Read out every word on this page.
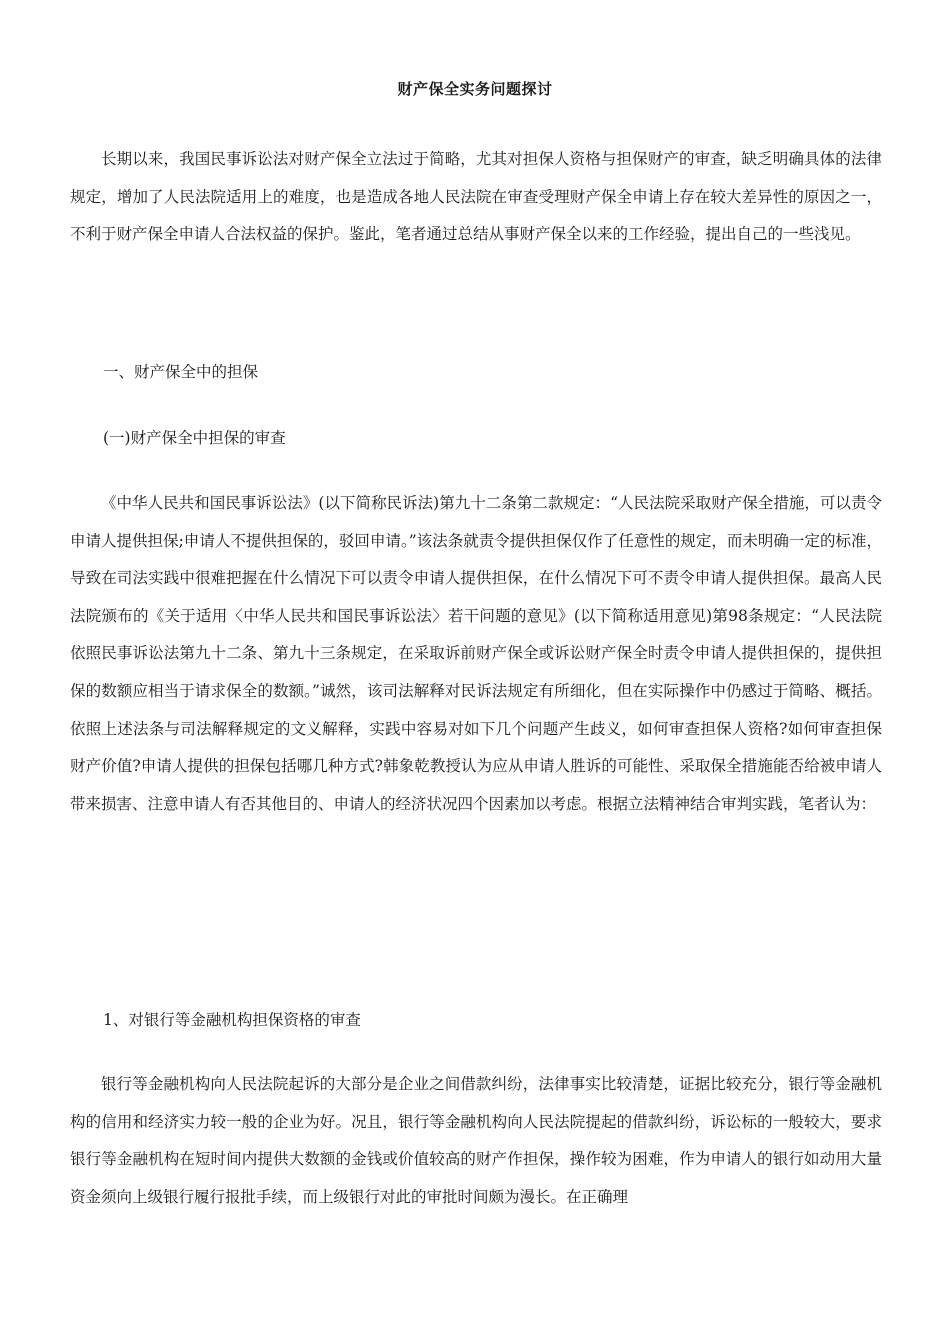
财产保全实务问题探讨

长期以来，我国民事诉讼法对财产保全立法过于简略，尤其对担保人资格与担保财产的审查，缺乏明确具体的法律规定，增加了人民法院适用上的难度，也是造成各地人民法院在审查受理财产保全申请上存在较大差异性的原因之一，不利于财产保全申请人合法权益的保护。鉴此，笔者通过总结从事财产保全以来的工作经验，提出自己的一些浅见。

一、财产保全中的担保

(一)财产保全中担保的审查

《中华人民共和国民事诉讼法》(以下简称民诉法)第九十二条第二款规定：“人民法院采取财产保全措施，可以责令申请人提供担保;申请人不提供担保的，驳回申请。”该法条就责令提供担保仅作了任意性的规定，而未明确一定的标准，导致在司法实践中很难把握在什么情况下可以责令申请人提供担保，在什么情况下可不责令申请人提供担保。最高人民法院颁布的《关于适用〈中华人民共和国民事诉讼法〉若干问题的意见》(以下简称适用意见)第98条规定：“人民法院依照民事诉讼法第九十二条、第九十三条规定，在采取诉前财产保全或诉讼财产保全时责令申请人提供担保的，提供担保的数额应相当于请求保全的数额。”诚然，该司法解释对民诉法规定有所细化，但在实际操作中仍感过于简略、概括。依照上述法条与司法解释规定的文义解释，实践中容易对如下几个问题产生歧义，如何审查担保人资格?如何审查担保财产价值?申请人提供的担保包括哪几种方式?韩象乾教授认为应从申请人胜诉的可能性、采取保全措施能否给被申请人带来损害、注意申请人有否其他目的、申请人的经济状况四个因素加以考虑。根据立法精神结合审判实践，笔者认为：

1、对银行等金融机构担保资格的审查

银行等金融机构向人民法院起诉的大部分是企业之间借款纠纷，法律事实比较清楚，证据比较充分，银行等金融机构的信用和经济实力较一般的企业为好。况且，银行等金融机构向人民法院提起的借款纠纷，诉讼标的一般较大，要求银行等金融机构在短时间内提供大数额的金钱或价值较高的财产作担保，操作较为困难，作为申请人的银行如动用大量资金须向上级银行履行报批手续，而上级银行对此的审批时间颇为漫长。在正确理
